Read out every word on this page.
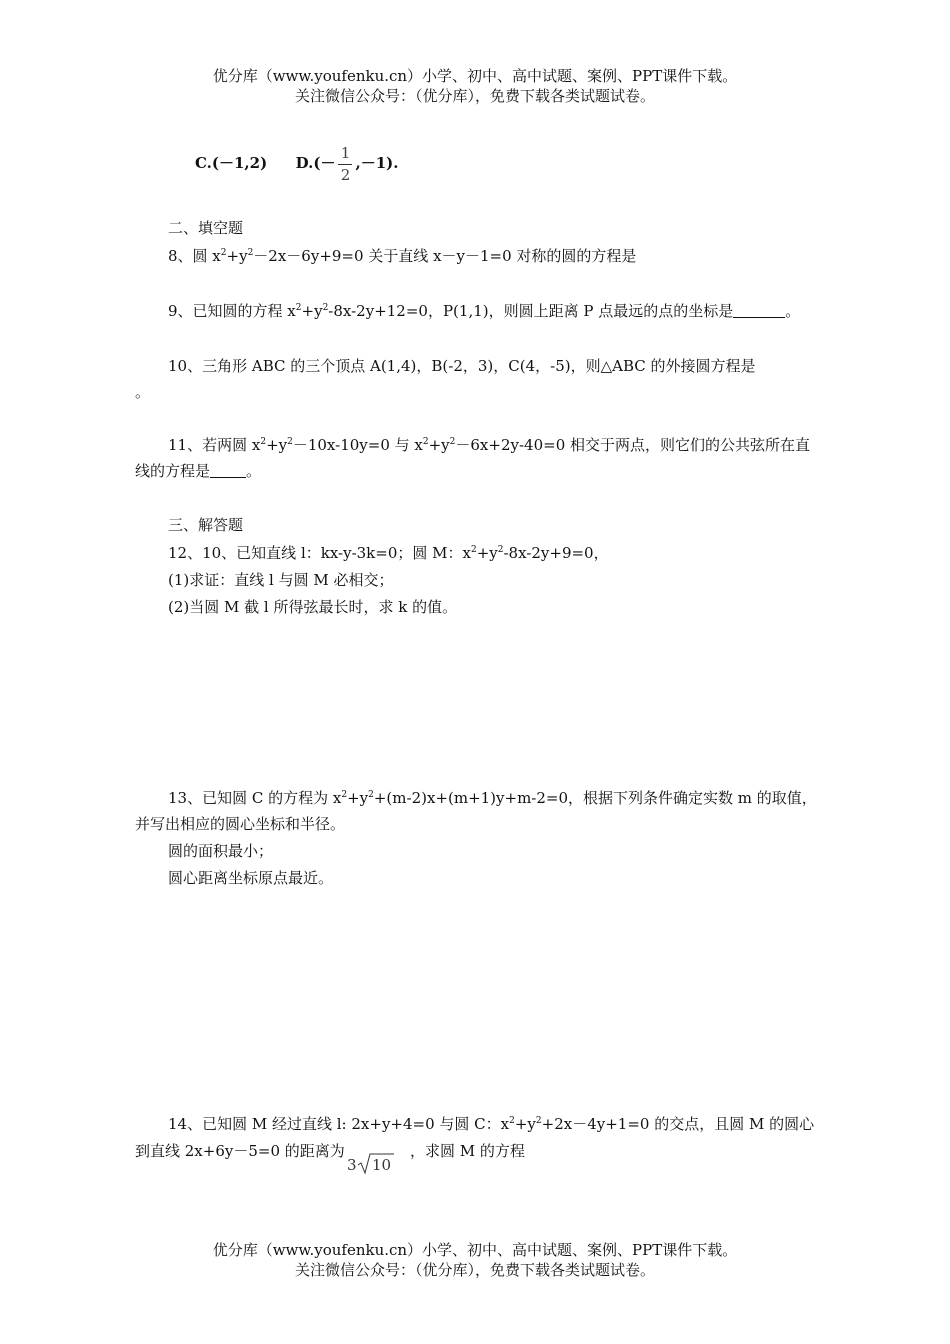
优分库（www.youfenku.cn）小学、初中、高中试题、案例、PPT课件下载。
关注微信公众号：（优分库），免费下载各类试题试卷。
C.(－1,2) $D.(- \frac{1}{2} ,-1)$.
二、填空题
8、圆 $x^2+y^2-2x-6y+9=0$ 关于直线 x－y－1=0 对称的圆的方程是
9、已知圆的方程 $x^2+y^2-8x-2y+12=0$，P(1,1)，则圆上距离 P 点最远的点的坐标是	。
10、三角形 ABC 的三个顶点 A(1,4)，B(-2，3)，C(4，-5)，则△ABC 的外接圆方程是
。
11、若两圆 $x^2+y^2-10x-10y=0$ 与 $x^2+y^2-6x+2y-40=0$ 相交于两点，则它们的公共弦所在直
线的方程是 。
三、解答题
12、10、已知直线 l：kx-y-3k=0；圆 M：$x^2+y^2-8x-2y+9=0$，
(1)求证：直线 l 与圆 M 必相交；
(2)当圆 M 截 l 所得弦最长时，求 k 的值。
13、已知圆 C 的方程为 $x^2+y^2+(m-2)x+(m+1)y+m-2=0$，根据下列条件确定实数 m 的取值，
并写出相应的圆心坐标和半径。
圆的面积最小；
圆心距离坐标原点最近。
14、已知圆 M 经过直线 l: 2x+y+4=0 与圆 C：$x^2+y^2+2x-4y+1=0$ 的交点，且圆 M 的圆心
到直线 2x+6y－5=0 的距离为
3 10
，求圆 M 的方程
优分库（www.youfenku.cn）小学、初中、高中试题、案例、PPT课件下载。
关注微信公众号：（优分库），免费下载各类试题试卷。
